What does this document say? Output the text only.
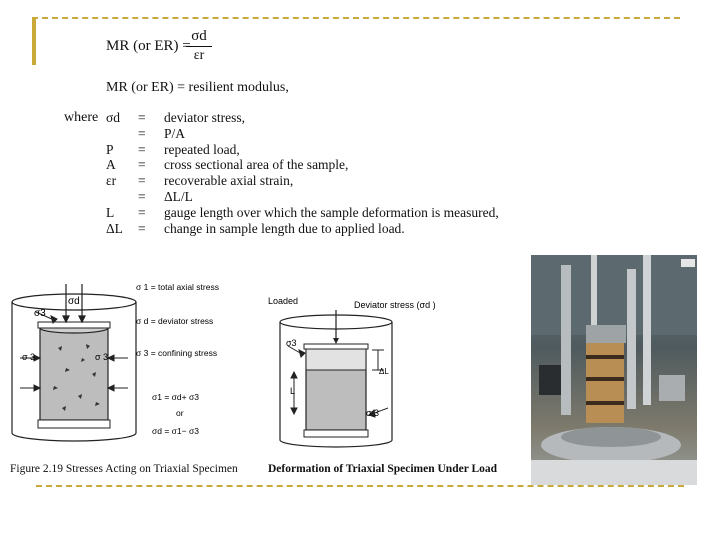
MR (or ER) =
σd
εr
MR (or ER) = resilient modulus,
where σd	=	deviator stress,
=	P/A
P	=	repeated load,
A	=	cross sectional area of the sample,
εr	=	recoverable axial strain,
=	ΔL/L
L	=	gauge length over which the sample deformation is measured,
ΔL	=	change in sample length due to applied load.
σd
σ3
σ 3	σ 3
σ 1 = total axial stress
σ d = deviator stress
σ 3 = confining stress
σ1 = σd+ σ3
or
σd = σ1− σ3
Figure 2.19 Stresses Acting on Triaxial Specimen
Loaded	Deviator stress (σd )
σ3
ΔL
L
σ 3
Deformation of Triaxial Specimen Under Load
